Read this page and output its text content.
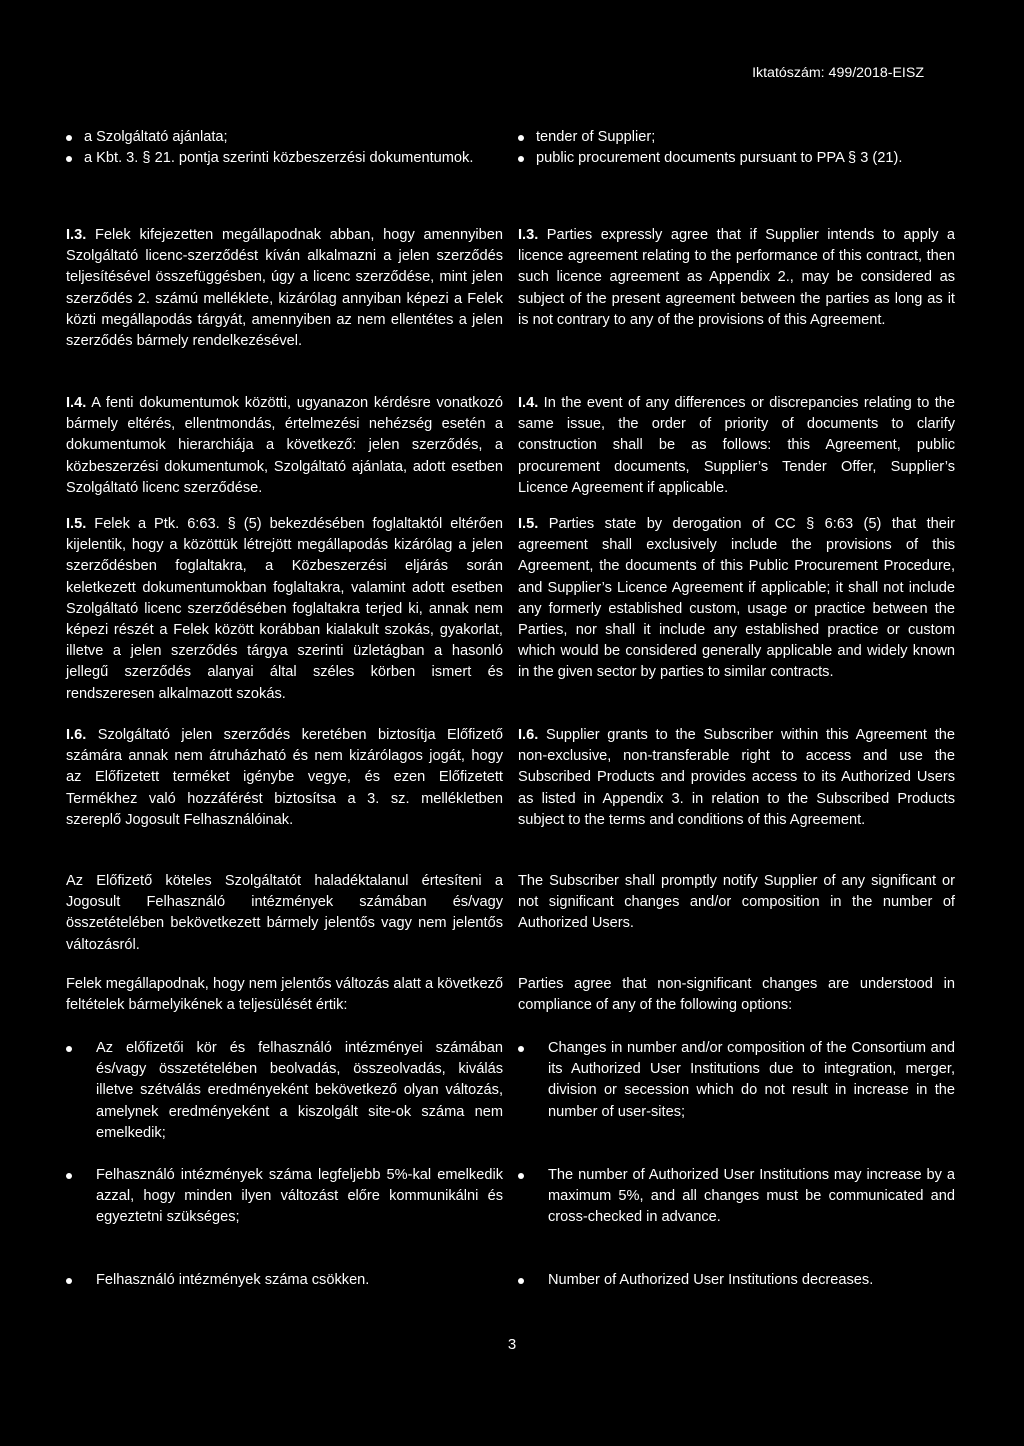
Iktatószám: 499/2018-EISZ
a Szolgáltató ajánlata;
a Kbt. 3. § 21. pontja szerinti közbeszerzési dokumentumok.

I.3. Felek kifejezetten megállapodnak abban, hogy amennyiben Szolgáltató licenc-szerződést kíván alkalmazni a jelen szerződés teljesítésével összefüggésben, úgy a licenc szerződése, mint jelen szerződés 2. számú melléklete, kizárólag annyiban képezi a Felek közti megállapodás tárgyát, amennyiben az nem ellentétes a jelen szerződés bármely rendelkezésével.

I.4. A fenti dokumentumok közötti, ugyanazon kérdésre vonatkozó bármely eltérés, ellentmondás, értelmezési nehézség esetén a dokumentumok hierarchiája a következő: jelen szerződés, a közbeszerzési dokumentumok, Szolgáltató ajánlata, adott esetben Szolgáltató licenc szerződése.

I.5. Felek a Ptk. 6:63. § (5) bekezdésében foglaltaktól eltérően kijelentik, hogy a közöttük létrejött megállapodás kizárólag a jelen szerződésben foglaltakra, a Közbeszerzési eljárás során keletkezett dokumentumokban foglaltakra, valamint adott esetben Szolgáltató licenc szerződésében foglaltakra terjed ki, annak nem képezi részét a Felek között korábban kialakult szokás, gyakorlat, illetve a jelen szerződés tárgya szerinti üzletágban a hasonló jellegű szerződés alanyai által széles körben ismert és rendszeresen alkalmazott szokás.

I.6. Szolgáltató jelen szerződés keretében biztosítja Előfizető számára annak nem átruházható és nem kizárólagos jogát, hogy az Előfizetett terméket igénybe vegye, és ezen Előfizetett Termékhez való hozzáférést biztosítsa a 3. sz. mellékletben szereplő Jogosult Felhasználóinak.

Az Előfizető köteles Szolgáltatót haladéktalanul értesíteni a Jogosult Felhasználó intézmények számában és/vagy összetételében bekövetkezett bármely jelentős vagy nem jelentős változásról.

Felek megállapodnak, hogy nem jelentős változás alatt a következő feltételek bármelyikének a teljesülését értik:

Az előfizetői kör és felhasználó intézményei számában és/vagy összetételében beolvadás, összeolvadás, kiválás illetve szétválás eredményeként bekövetkező olyan változás, amelynek eredményeként a kiszolgált site-ok száma nem emelkedik;
Felhasználó intézmények száma legfeljebb 5%-kal emelkedik azzal, hogy minden ilyen változást előre kommunikálni és egyeztetni szükséges;
Felhasználó intézmények száma csökken.
tender of Supplier;
public procurement documents pursuant to PPA § 3 (21).

I.3. Parties expressly agree that if Supplier intends to apply a licence agreement relating to the performance of this contract, then such licence agreement as Appendix 2., may be considered as subject of the present agreement between the parties as long as it is not contrary to any of the provisions of this Agreement.

I.4. In the event of any differences or discrepancies relating to the same issue, the order of priority of documents to clarify construction shall be as follows: this Agreement, public procurement documents, Supplier’s Tender Offer, Supplier’s Licence Agreement if applicable.

I.5. Parties state by derogation of CC § 6:63 (5) that their agreement shall exclusively include the provisions of this Agreement, the documents of this Public Procurement Procedure, and Supplier’s Licence Agreement if applicable; it shall not include any formerly established custom, usage or practice between the Parties, nor shall it include any established practice or custom which would be considered generally applicable and widely known in the given sector by parties to similar contracts.

I.6. Supplier grants to the Subscriber within this Agreement the non-exclusive, non-transferable right to access and use the Subscribed Products and provides access to its Authorized Users as listed in Appendix 3. in relation to the Subscribed Products subject to the terms and conditions of this Agreement.

The Subscriber shall promptly notify Supplier of any significant or not significant changes and/or composition in the number of Authorized Users.

Parties agree that non-significant changes are understood in compliance of any of the following options:

Changes in number and/or composition of the Consortium and its Authorized User Institutions due to integration, merger, division or secession which do not result in increase in the number of user-sites;
The number of Authorized User Institutions may increase by a maximum 5%, and all changes must be communicated and cross-checked in advance.
Number of Authorized User Institutions decreases.
3
